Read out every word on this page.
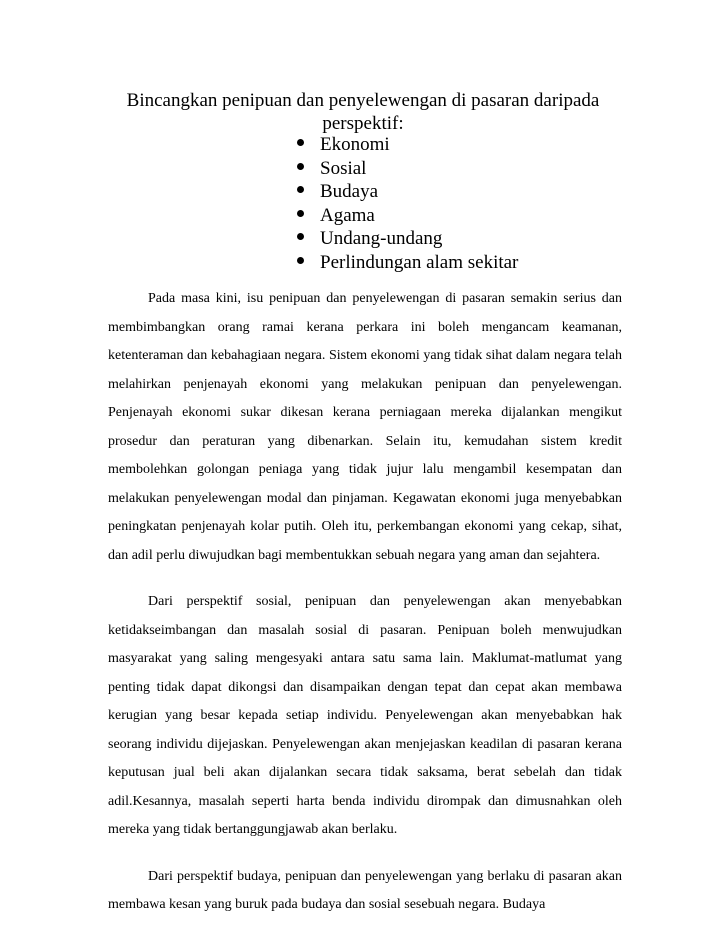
Bincangkan penipuan dan penyelewengan di pasaran daripada
perspektif:
Ekonomi
Sosial
Budaya
Agama
Undang-undang
Perlindungan alam sekitar

Pada masa kini, isu penipuan dan penyelewengan di pasaran semakin serius dan membimbangkan orang ramai kerana perkara ini boleh mengancam keamanan, ketenteraman dan kebahagiaan negara. Sistem ekonomi yang tidak sihat dalam negara telah melahirkan penjenayah ekonomi yang melakukan penipuan dan penyelewengan. Penjenayah ekonomi sukar dikesan kerana perniagaan mereka dijalankan mengikut prosedur dan peraturan yang dibenarkan. Selain itu, kemudahan sistem kredit membolehkan golongan peniaga yang tidak jujur lalu mengambil kesempatan dan melakukan penyelewengan modal dan pinjaman. Kegawatan ekonomi juga menyebabkan peningkatan penjenayah kolar putih. Oleh itu, perkembangan ekonomi yang cekap, sihat, dan adil perlu diwujudkan bagi membentukkan sebuah negara yang aman dan sejahtera.

Dari perspektif sosial, penipuan dan penyelewengan akan menyebabkan ketidakseimbangan dan masalah sosial di pasaran. Penipuan boleh menwujudkan masyarakat yang saling mengesyaki antara satu sama lain. Maklumat-matlumat yang penting tidak dapat dikongsi dan disampaikan dengan tepat dan cepat akan membawa kerugian yang besar kepada setiap individu. Penyelewengan akan menyebabkan hak seorang individu dijejaskan. Penyelewengan akan menjejaskan keadilan di pasaran kerana keputusan jual beli akan dijalankan secara tidak saksama, berat sebelah dan tidak adil.Kesannya, masalah seperti harta benda individu dirompak dan dimusnahkan oleh mereka yang tidak bertanggungjawab akan berlaku.

Dari perspektif budaya, penipuan dan penyelewengan yang berlaku di pasaran akan membawa kesan yang buruk pada budaya dan sosial sesebuah negara. Budaya
